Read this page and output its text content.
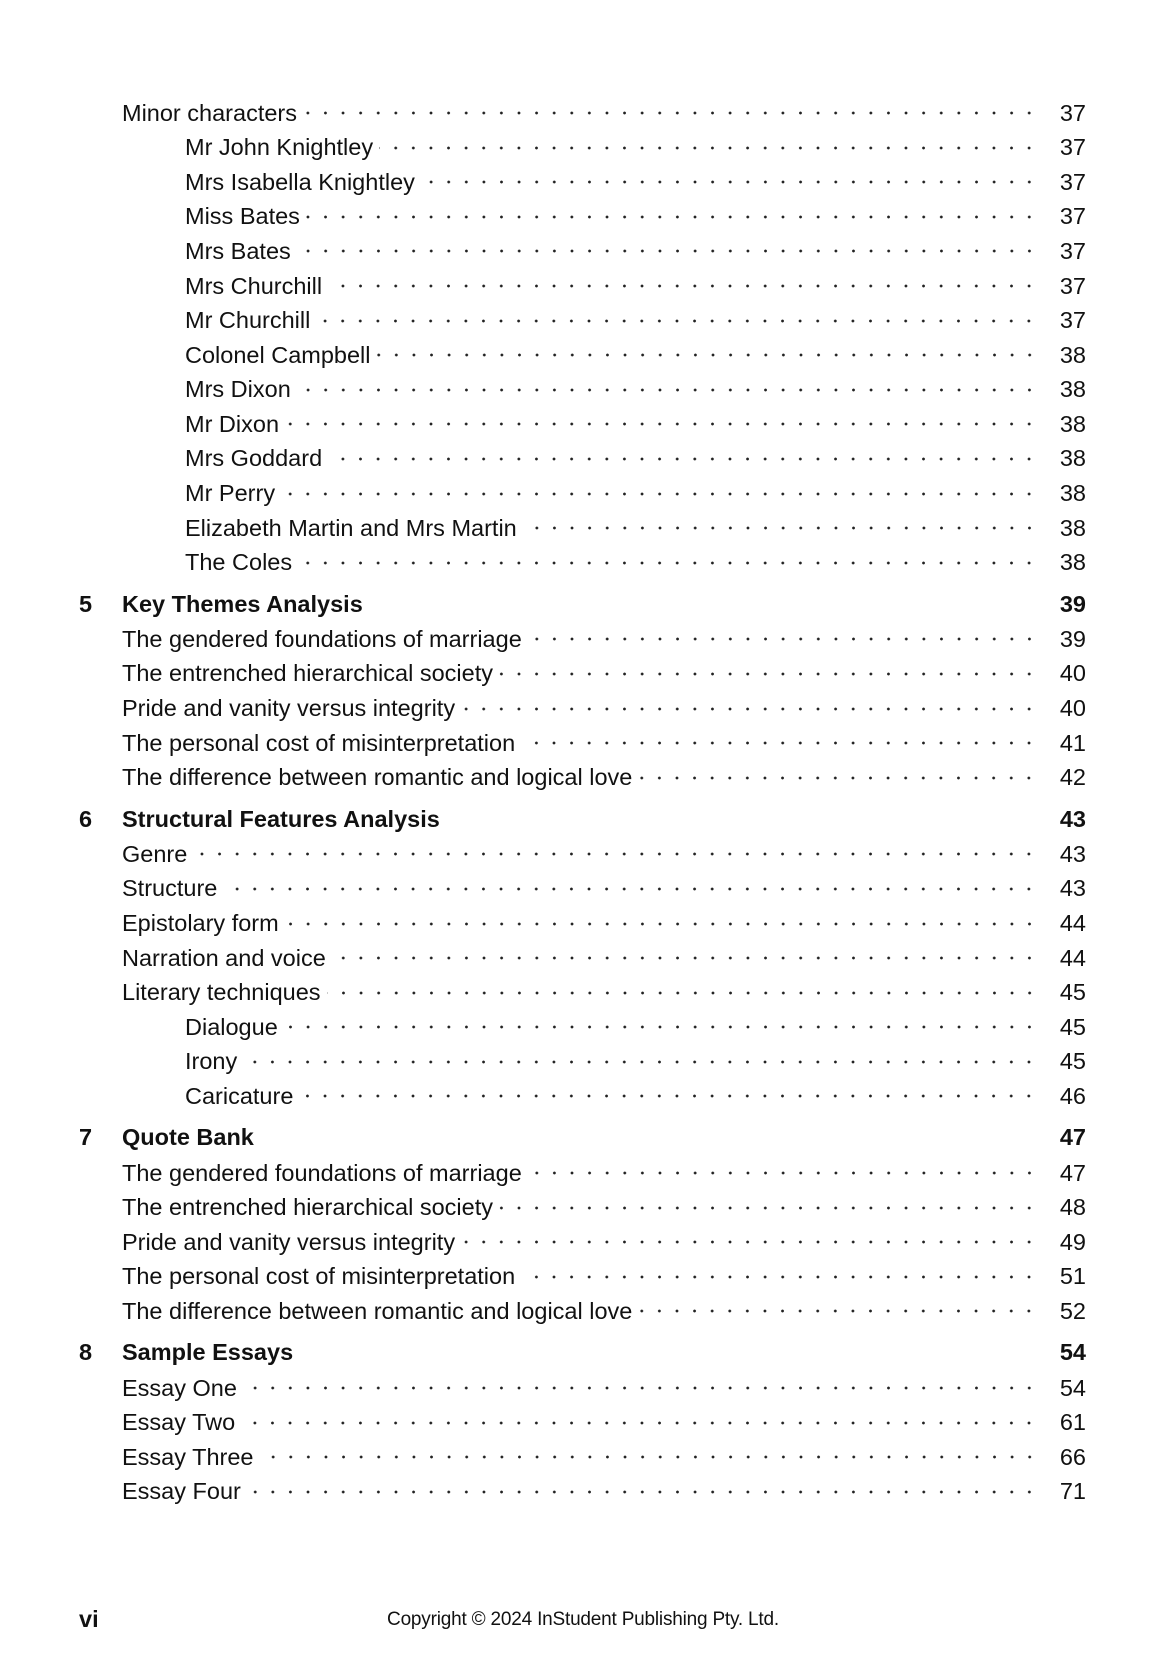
Minor characters	37
Mr John Knightley	37
Mrs Isabella Knightley	37
Miss Bates	37
Mrs Bates	37
Mrs Churchill	37
Mr Churchill	37
Colonel Campbell	38
Mrs Dixon	38
Mr Dixon	38
Mrs Goddard	38
Mr Perry	38
Elizabeth Martin and Mrs Martin	38
The Coles	38
5	Key Themes Analysis	39
The gendered foundations of marriage	39
The entrenched hierarchical society	40
Pride and vanity versus integrity	40
The personal cost of misinterpretation	41
The difference between romantic and logical love	42
6	Structural Features Analysis	43
Genre	43
Structure	43
Epistolary form	44
Narration and voice	44
Literary techniques	45
Dialogue	45
Irony	45
Caricature	46
7	Quote Bank	47
The gendered foundations of marriage	47
The entrenched hierarchical society	48
Pride and vanity versus integrity	49
The personal cost of misinterpretation	51
The difference between romantic and logical love	52
8	Sample Essays	54
Essay One	54
Essay Two	61
Essay Three	66
Essay Four	71
vi	Copyright © 2024 InStudent Publishing Pty. Ltd.
